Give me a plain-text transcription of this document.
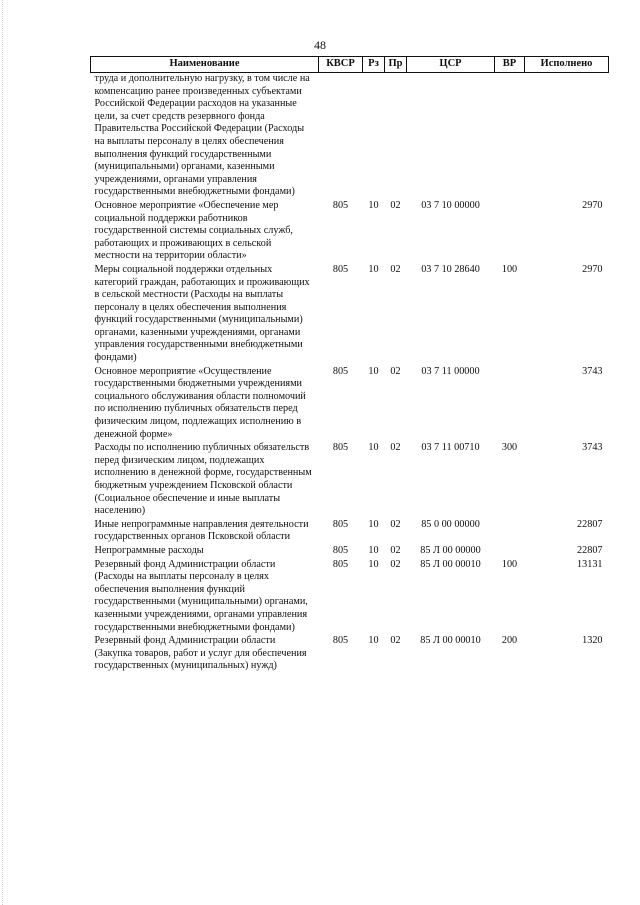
48
Наименование	КВСР	Рз	Пр	ЦСР	ВР	Исполнено
труда и дополнительную нагрузку, в том числе на компенсацию ранее произведенных субъектами Российской Федерации расходов на указанные цели, за счет средств резервного фонда Правительства Российской Федерации (Расходы на выплаты персоналу в целях обеспечения выполнения функций государственными (муниципальными) органами, казенными учреждениями, органами управления государственными внебюджетными фондами)						
Основное мероприятие «Обеспечение мер социальной поддержки работников государственной системы социальных служб, работающих и проживающих в сельской местности на территории области»	805	10	02	03 7 10 00000		2970
Меры социальной поддержки отдельных категорий граждан, работающих и проживающих в сельской местности (Расходы на выплаты персоналу в целях обеспечения выполнения функций государственными (муниципальными) органами, казенными учреждениями, органами управления государственными внебюджетными фондами)	805	10	02	03 7 10 28640	100	2970
Основное мероприятие «Осуществление государственными бюджетными учреждениями социального обслуживания области полномочий по исполнению публичных обязательств перед физическим лицом, подлежащих исполнению в денежной форме»	805	10	02	03 7 11 00000		3743
Расходы по исполнению публичных обязательств перед физическим лицом, подлежащих исполнению в денежной форме, государственным бюджетным учреждением Псковской области (Социальное обеспечение и иные выплаты населению)	805	10	02	03 7 11 00710	300	3743
Иные непрограммные направления деятельности государственных органов Псковской области	805	10	02	85 0 00 00000		22807
Непрограммные расходы	805	10	02	85 Л 00 00000		22807
Резервный фонд Администрации области (Расходы на выплаты персоналу в целях обеспечения выполнения функций государственными (муниципальными) органами, казенными учреждениями, органами управления государственными внебюджетными фондами)	805	10	02	85 Л 00 00010	100	13131
Резервный фонд Администрации области (Закупка товаров, работ и услуг для обеспечения государственных (муниципальных) нужд)	805	10	02	85 Л 00 00010	200	1320
